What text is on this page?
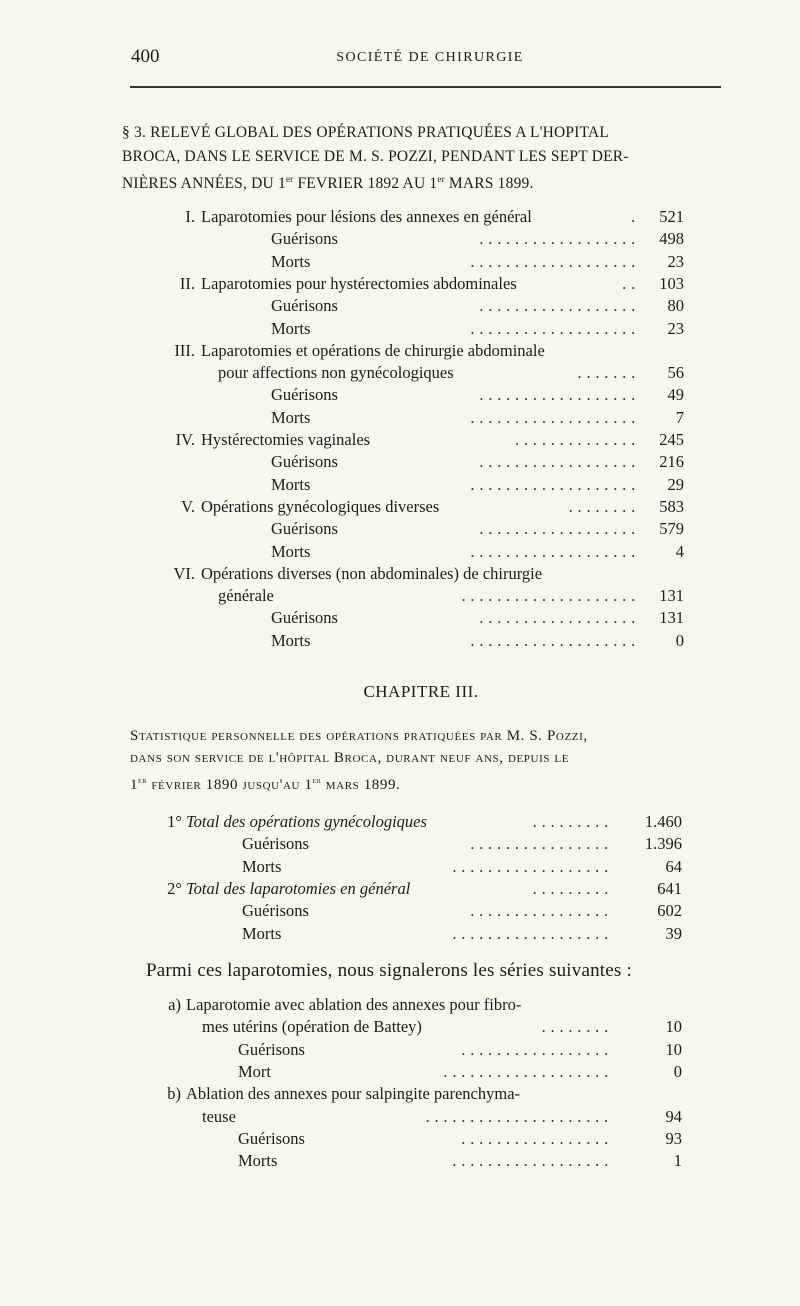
400	SOCIÉTÉ DE CHIRURGIE
§ 3. RELEVÉ GLOBAL DES OPÉRATIONS PRATIQUÉES A L'HOPITAL
BROCA, DANS LE SERVICE DE M. S. POZZI, PENDANT LES SEPT DER-
NIÈRES ANNÉES, DU 1er FEVRIER 1892 AU 1er MARS 1899.
I. Laparotomies pour lésions des annexes en général	. 521
Guérisons	.................. 498
Morts	................... 23
II. Laparotomies pour hystérectomies abdominales	.. 103
Guérisons	.................. 80
Morts	................... 23
III. Laparotomies et opérations de chirurgie abdominale
pour affections non gynécologiques	....... 56
Guérisons	.................. 49
Morts	................... 7
IV. Hystérectomies vaginales	.............. 245
Guérisons	.................. 216
Morts	................... 29
V. Opérations gynécologiques diverses	........ 583
Guérisons	.................. 579
Morts	................... 4
VI. Opérations diverses (non abdominales) de chirurgie
générale	.................... 131
Guérisons	.................. 131
Morts	................... 0
CHAPITRE III.
Statistique personnelle des opérations pratiquées par M. S. Pozzi,
dans son service de l'hôpital Broca, durant neuf ans, depuis le
1er février 1890 jusqu'au 1er mars 1899.
1° Total des opérations gynécologiques	......... 1.460
Guérisons	................ 1.396
Morts	..................	64
2° Total des laparotomies en général	.........	641
Guérisons	................	602
Morts	..................	39
Parmi ces laparotomies, nous signalerons les séries suivantes :
a) Laparotomie avec ablation des annexes pour fibro-
mes utérins (opération de Battey)	........	10
Guérisons	.................	10
Mort	...................	0
b) Ablation des annexes pour salpingite parenchyma-
teuse	.....................	94
Guérisons	.................	93
Morts	..................	1
